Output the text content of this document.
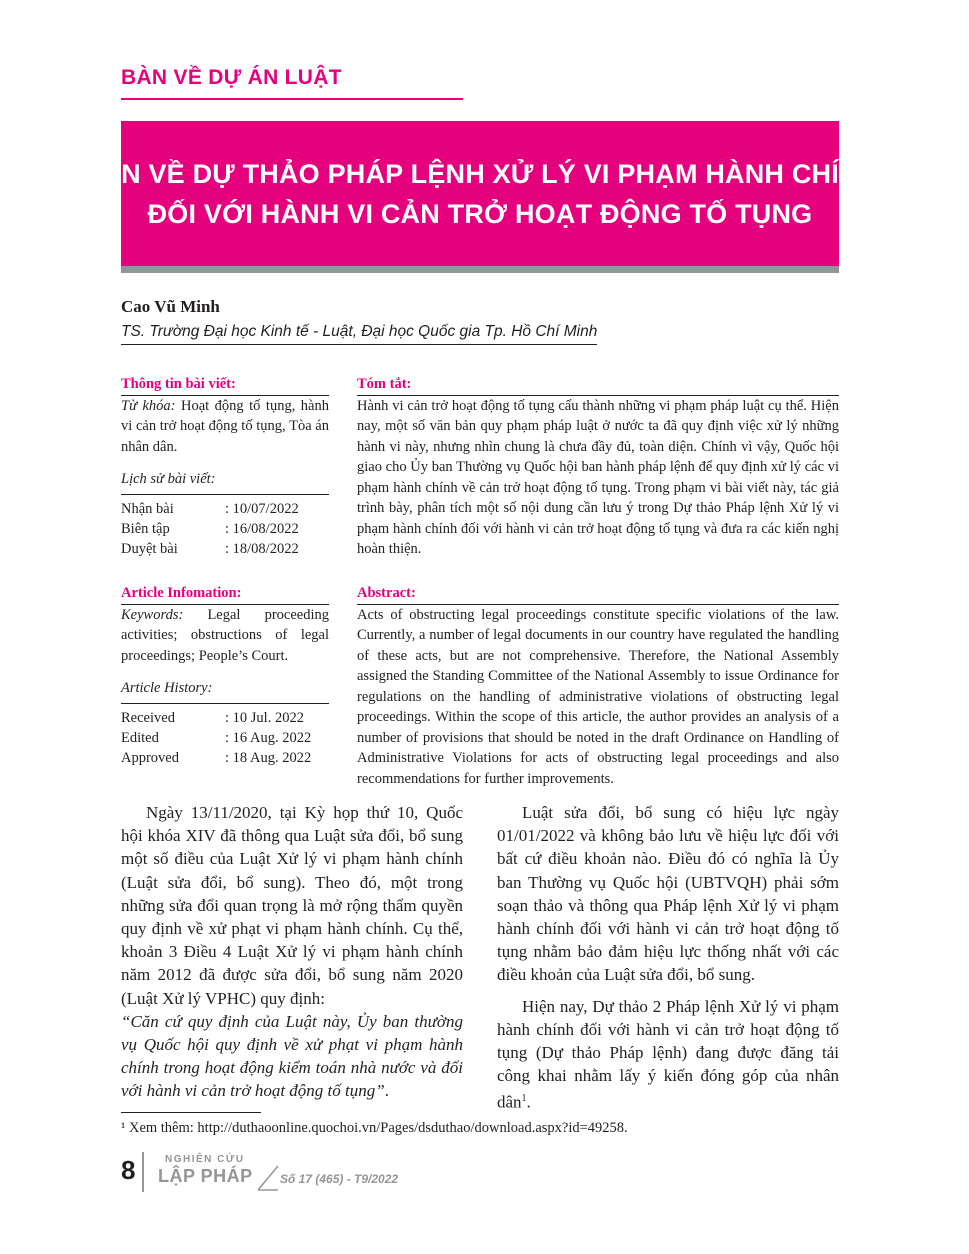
BÀN VỀ DỰ ÁN LUẬT
BÀN VỀ DỰ THẢO PHÁP LỆNH XỬ LÝ VI PHẠM HÀNH CHÍNH
ĐỐI VỚI HÀNH VI CẢN TRỞ HOẠT ĐỘNG TỐ TỤNG
Cao Vũ Minh
TS. Trường Đại học Kinh tế - Luật, Đại học Quốc gia Tp. Hồ Chí Minh
Thông tin bài viết:
Từ khóa: Hoạt động tố tụng, hành vi cản trở hoạt động tố tụng, Tòa án nhân dân.
Lịch sử bài viết:
Nhận bài	: 10/07/2022
Biên tập	: 16/08/2022
Duyệt bài	: 18/08/2022
Tóm tắt:

Hành vi cản trở hoạt động tố tụng cấu thành những vi phạm pháp luật cụ thể. Hiện nay, một số văn bản quy phạm pháp luật ở nước ta đã quy định việc xử lý những hành vi này, nhưng nhìn chung là chưa đầy đủ, toàn diện. Chính vì vậy, Quốc hội giao cho Ủy ban Thường vụ Quốc hội ban hành pháp lệnh để quy định xử lý các vi phạm hành chính về cản trở hoạt động tố tụng. Trong phạm vi bài viết này, tác giả trình bày, phân tích một số nội dung cần lưu ý trong Dự thảo Pháp lệnh Xử lý vi phạm hành chính đối với hành vi cản trở hoạt động tố tụng và đưa ra các kiến nghị hoàn thiện.

Article Infomation:
Keywords: Legal proceeding activities; obstructions of legal proceedings; People’s Court.
Article History:
Received	: 10 Jul. 2022
Edited	: 16 Aug. 2022
Approved	: 18 Aug. 2022
Abstract:

Acts of obstructing legal proceedings constitute specific violations of the law. Currently, a number of legal documents in our country have regulated the handling of these acts, but are not comprehensive. Therefore, the National Assembly assigned the Standing Committee of the National Assembly to issue Ordinance for regulations on the handling of administrative violations of obstructing legal proceedings. Within the scope of this article, the author provides an analysis of a number of provisions that should be noted in the draft Ordinance on Handling of Administrative Violations for acts of obstructing legal proceedings and also recommendations for further improvements.

Ngày 13/11/2020, tại Kỳ họp thứ 10, Quốc hội khóa XIV đã thông qua Luật sửa đổi, bổ sung một số điều của Luật Xử lý vi phạm hành chính (Luật sửa đổi, bổ sung). Theo đó, một trong những sửa đổi quan trọng là mở rộng thẩm quyền quy định về xử phạt vi phạm hành chính. Cụ thể, khoản 3 Điều 4 Luật Xử lý vi phạm hành chính năm 2012 đã được sửa đổi, bổ sung năm 2020 (Luật Xử lý VPHC) quy định:

“Căn cứ quy định của Luật này, Ủy ban thường vụ Quốc hội quy định về xử phạt vi phạm hành chính trong hoạt động kiểm toán nhà nước và đối với hành vi cản trở hoạt động tố tụng”.

Luật sửa đổi, bổ sung có hiệu lực ngày 01/01/2022 và không bảo lưu về hiệu lực đối với bất cứ điều khoản nào. Điều đó có nghĩa là Ủy ban Thường vụ Quốc hội (UBTVQH) phải sớm soạn thảo và thông qua Pháp lệnh Xử lý vi phạm hành chính đối với hành vi cản trở hoạt động tố tụng nhằm bảo đảm hiệu lực thống nhất với các điều khoản của Luật sửa đổi, bổ sung.

Hiện nay, Dự thảo 2 Pháp lệnh Xử lý vi phạm hành chính đối với hành vi cản trở hoạt động tố tụng (Dự thảo Pháp lệnh) đang được đăng tải công khai nhằm lấy ý kiến đóng góp của nhân dân$^1$.

¹ Xem thêm: http://duthaoonline.quochoi.vn/Pages/dsduthao/download.aspx?id=49258.
8	NGHIÊN CỨU
LẬP PHÁP Số 17 (465) - T9/2022
